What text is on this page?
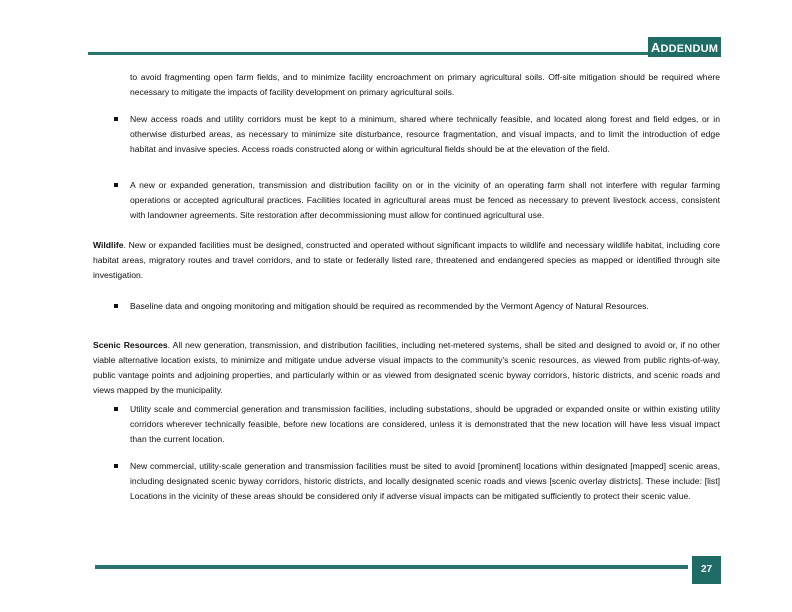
ADDENDUM

to avoid fragmenting open farm fields, and to minimize facility encroachment on primary agricultural soils. Off-site mitigation should be required where necessary to mitigate the impacts of facility development on primary agricultural soils.

New access roads and utility corridors must be kept to a minimum, shared where technically feasible, and located along forest and field edges, or in otherwise disturbed areas, as necessary to minimize site disturbance, resource fragmentation, and visual impacts, and to limit the introduction of edge habitat and invasive species. Access roads constructed along or within agricultural fields should be at the elevation of the field.
A new or expanded generation, transmission and distribution facility on or in the vicinity of an operating farm shall not interfere with regular farming operations or accepted agricultural practices. Facilities located in agricultural areas must be fenced as necessary to prevent livestock access, consistent with landowner agreements. Site restoration after decommissioning must allow for continued agricultural use.

Wildlife. New or expanded facilities must be designed, constructed and operated without significant impacts to wildlife and necessary wildlife habitat, including core habitat areas, migratory routes and travel corridors, and to state or federally listed rare, threatened and endangered species as mapped or identified through site investigation.

Baseline data and ongoing monitoring and mitigation should be required as recommended by the Vermont Agency of Natural Resources.

Scenic Resources. All new generation, transmission, and distribution facilities, including net-metered systems, shall be sited and designed to avoid or, if no other viable alternative location exists, to minimize and mitigate undue adverse visual impacts to the community's scenic resources, as viewed from public rights-of-way, public vantage points and adjoining properties, and particularly within or as viewed from designated scenic byway corridors, historic districts, and scenic roads and views mapped by the municipality.

Utility scale and commercial generation and transmission facilities, including substations, should be upgraded or expanded onsite or within existing utility corridors wherever technically feasible, before new locations are considered, unless it is demonstrated that the new location will have less visual impact than the current location.
New commercial, utility-scale generation and transmission facilities must be sited to avoid [prominent] locations within designated [mapped] scenic areas, including designated scenic byway corridors, historic districts, and locally designated scenic roads and views [scenic overlay districts]. These include: [list]    Locations in the vicinity of these areas should be considered only if adverse visual impacts can be mitigated sufficiently to protect their scenic value.
27
